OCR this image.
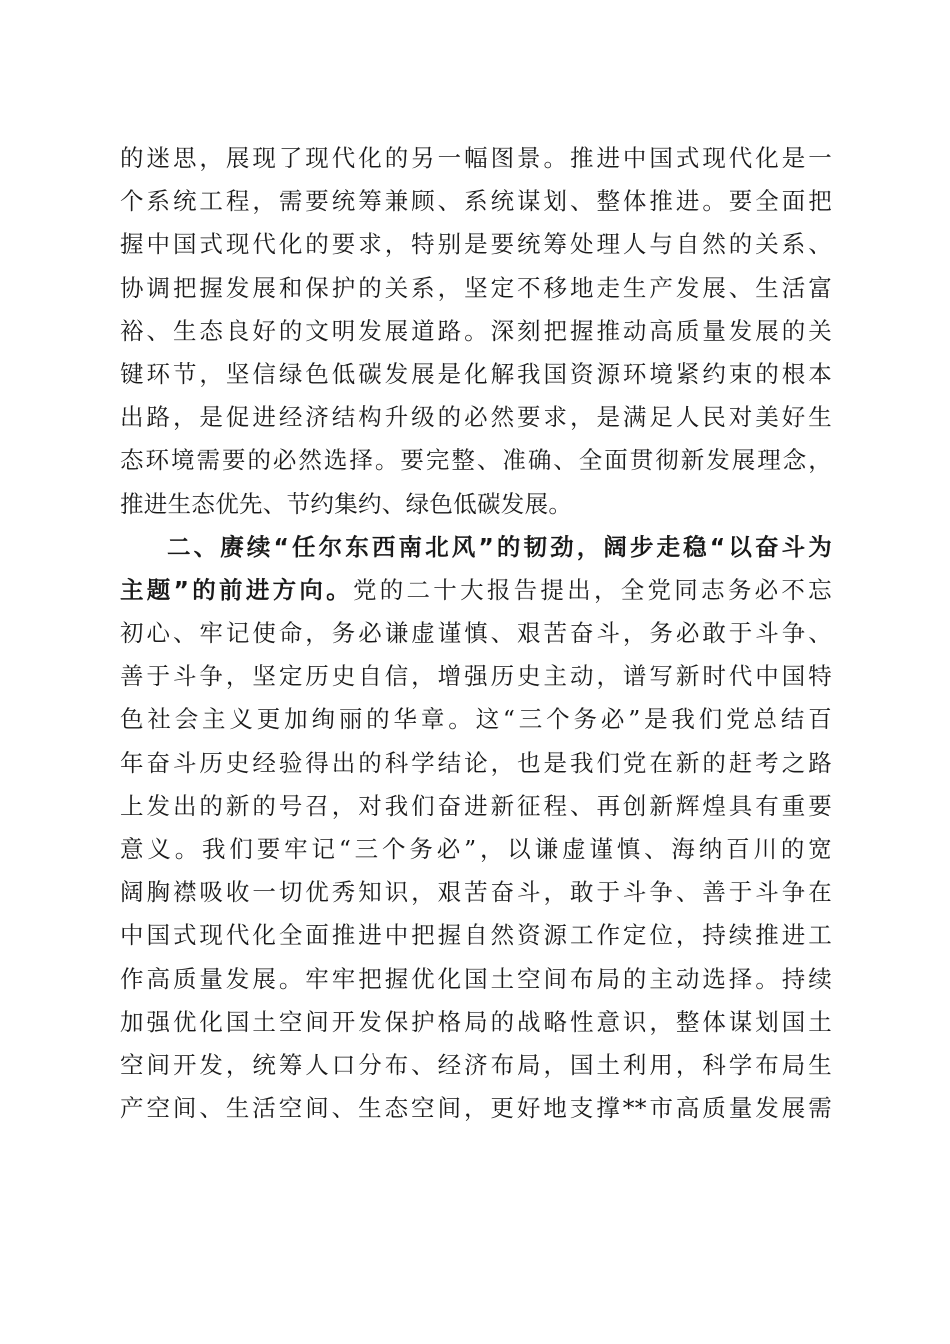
的迷思，展现了现代化的另一幅图景。推进中国式现代化是一
个系统工程，需要统筹兼顾、系统谋划、整体推进。要全面把
握中国式现代化的要求，特别是要统筹处理人与自然的关系、
协调把握发展和保护的关系，坚定不移地走生产发展、生活富
裕、生态良好的文明发展道路。深刻把握推动高质量发展的关
键环节，坚信绿色低碳发展是化解我国资源环境紧约束的根本
出路，是促进经济结构升级的必然要求，是满足人民对美好生
态环境需要的必然选择。要完整、准确、全面贯彻新发展理念，
推进生态优先、节约集约、绿色低碳发展。
二、赓续“任尔东西南北风”的韧劲，阔步走稳“以奋斗为
主题”的前进方向。党的二十大报告提出，全党同志务必不忘
初心、牢记使命，务必谦虚谨慎、艰苦奋斗，务必敢于斗争、
善于斗争，坚定历史自信，增强历史主动，谱写新时代中国特
色社会主义更加绚丽的华章。这“三个务必”是我们党总结百
年奋斗历史经验得出的科学结论，也是我们党在新的赶考之路
上发出的新的号召，对我们奋进新征程、再创新辉煌具有重要
意义。我们要牢记“三个务必”，以谦虚谨慎、海纳百川的宽
阔胸襟吸收一切优秀知识，艰苦奋斗，敢于斗争、善于斗争在
中国式现代化全面推进中把握自然资源工作定位，持续推进工
作高质量发展。牢牢把握优化国土空间布局的主动选择。持续
加强优化国土空间开发保护格局的战略性意识，整体谋划国土
空间开发，统筹人口分布、经济布局，国土利用，科学布局生
产空间、生活空间、生态空间，更好地支撑**市高质量发展需
